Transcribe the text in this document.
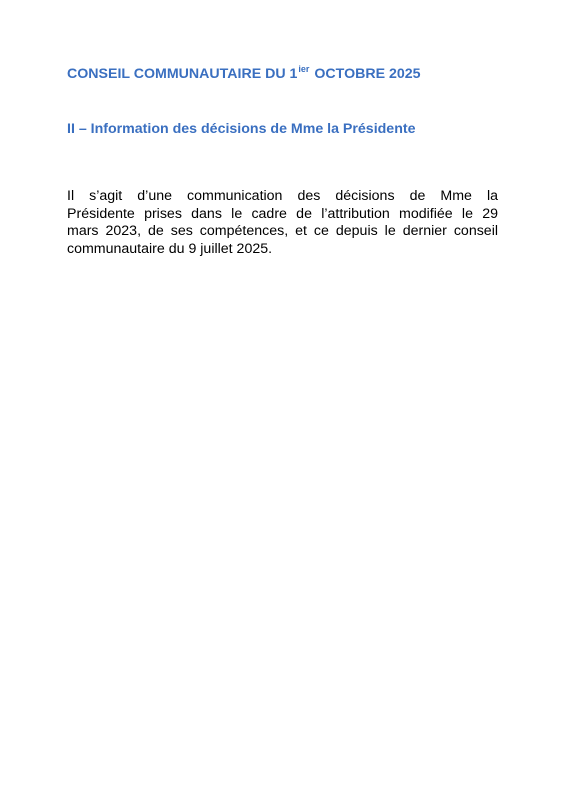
CONSEIL COMMUNAUTAIRE DU $1^{ier}$ OCTOBRE 2025
II – Information des décisions de Mme la Présidente
Il s’agit d’une communication des décisions de Mme la
Présidente prises dans le cadre de l’attribution modifiée le 29
mars 2023, de ses compétences, et ce depuis le dernier conseil
communautaire du 9 juillet 2025.
